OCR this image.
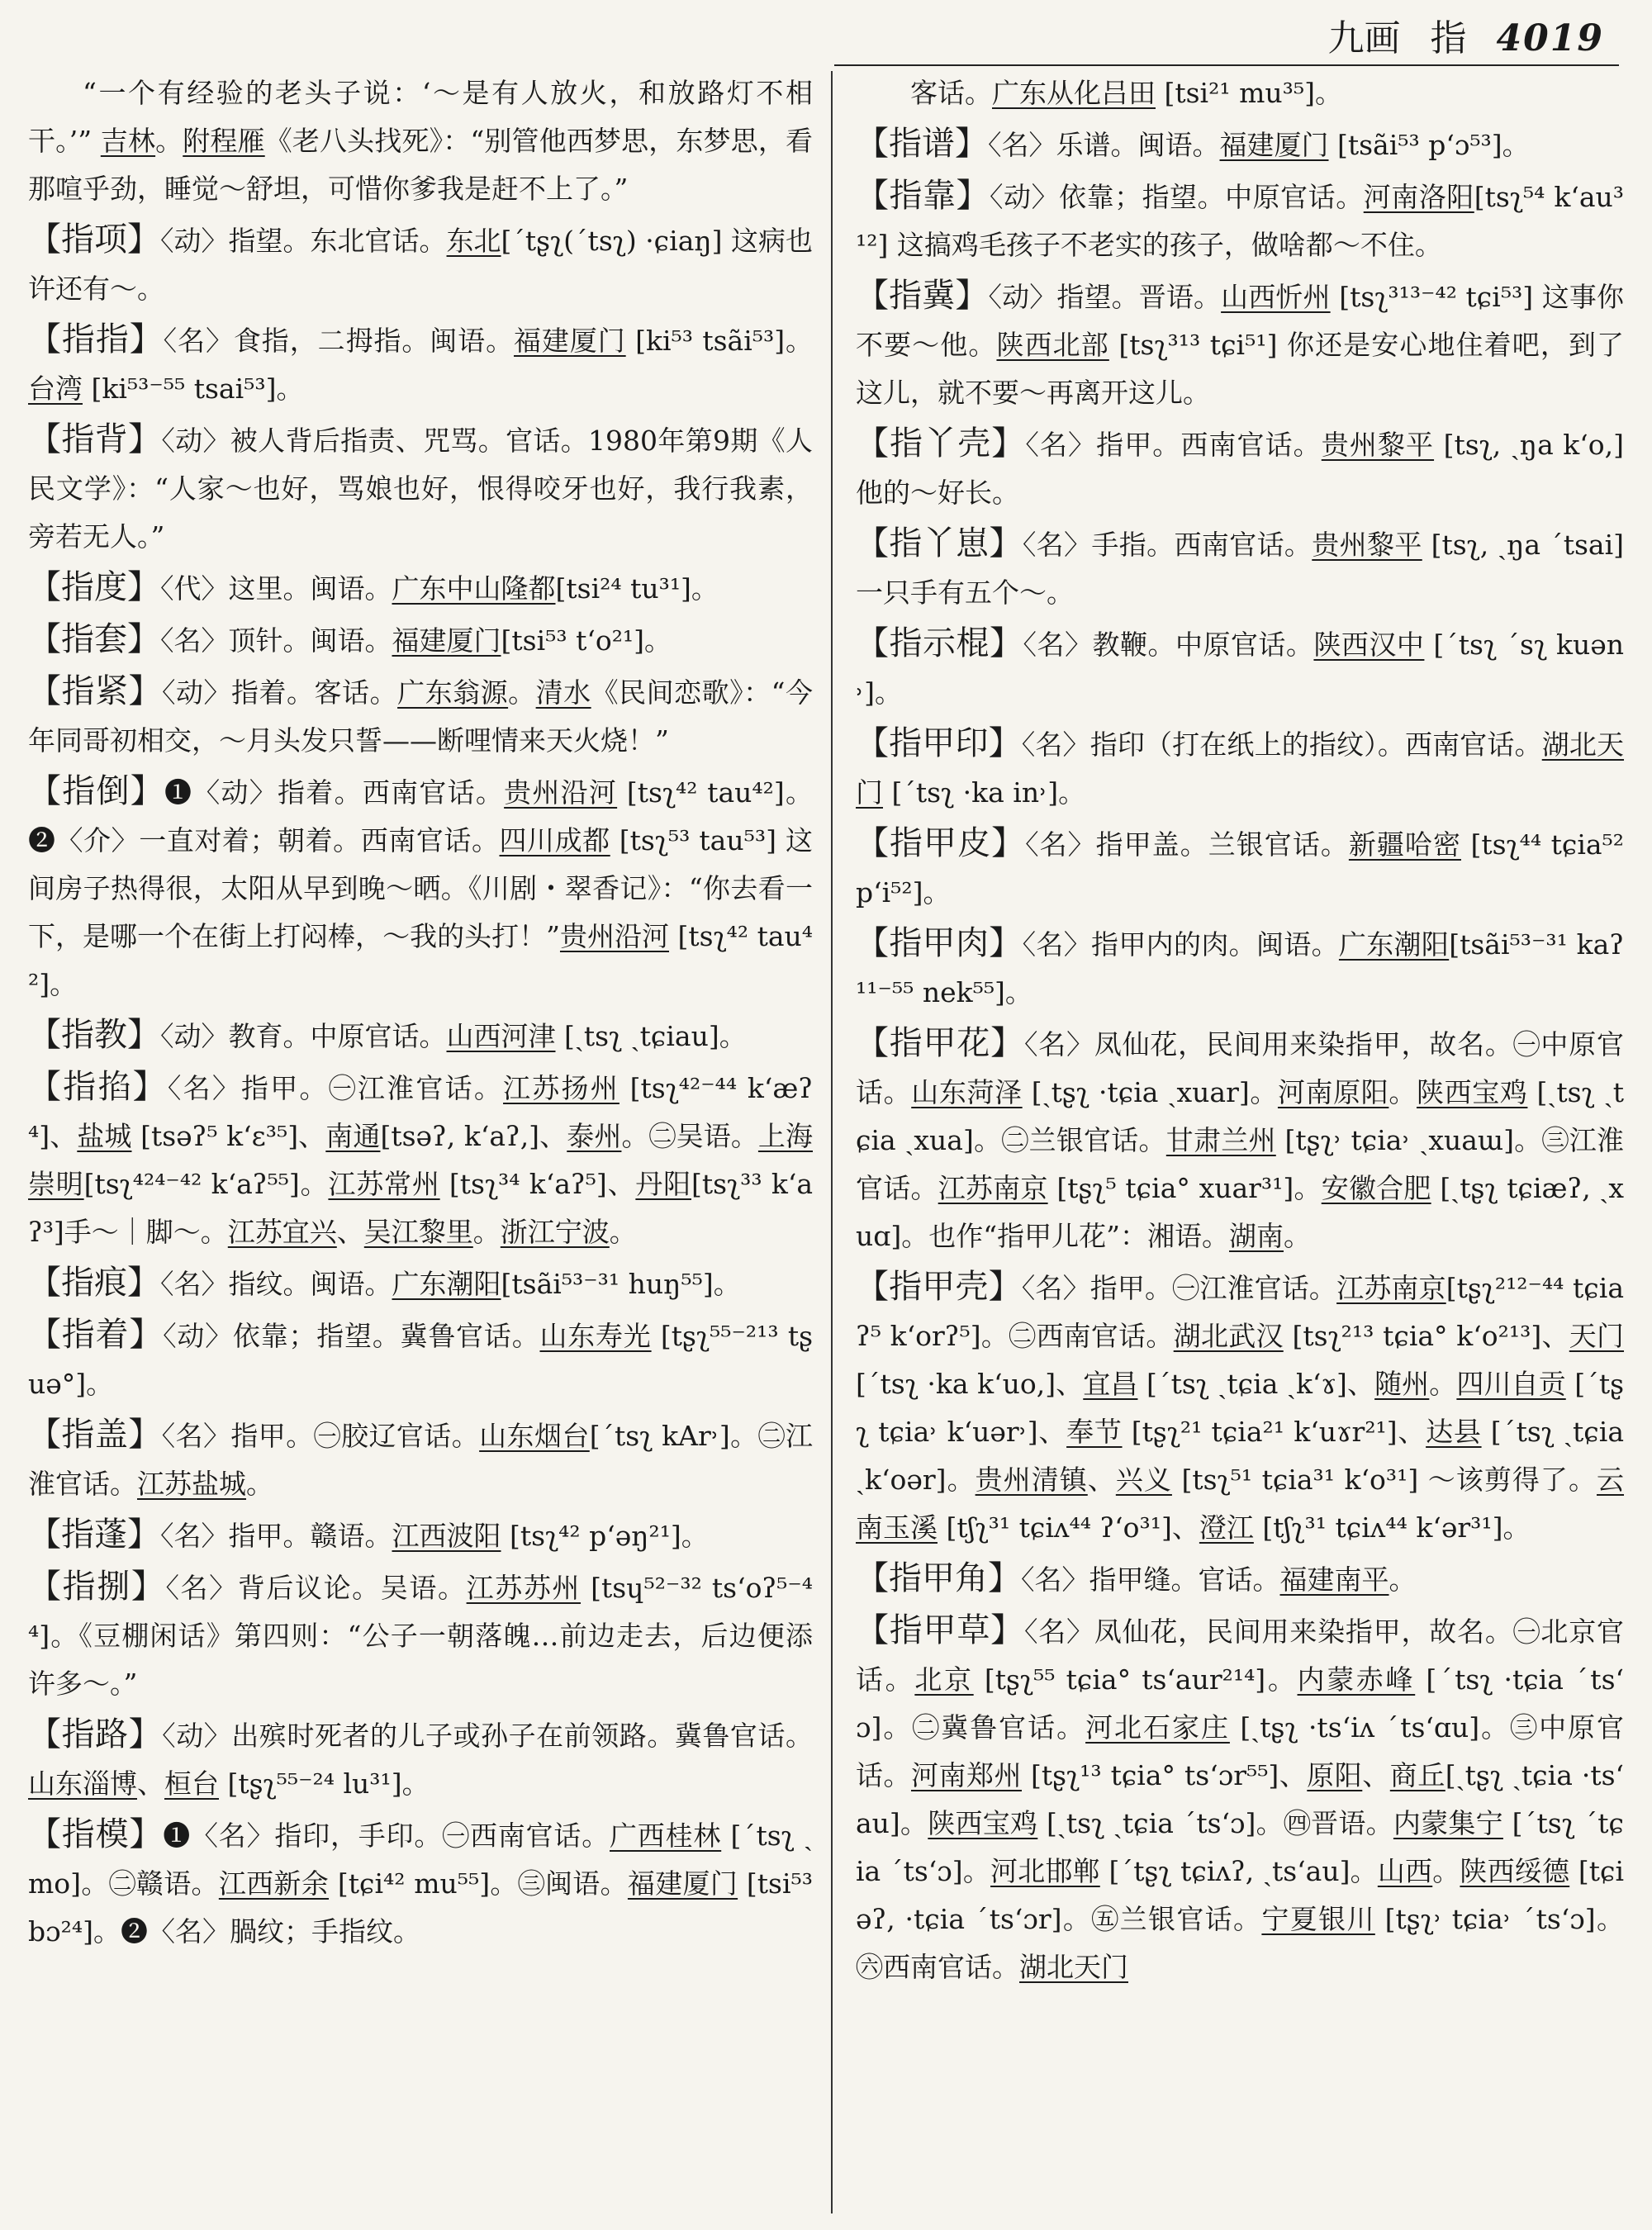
九画 指 4019

“一个有经验的老头子说：‘～是有人放火，和放路灯不相干。’” 吉林。附程雁《老八头找死》：“别管他西梦思，东梦思，看那喧乎劲，睡觉～舒坦，可惜你爹我是赶不上了。”

【指项】〈动〉指望。东北官话。东北[ˊtʂʅ(ˊtsʅ) ·ɕiaŋ] 这病也许还有～。

【指指】〈名〉食指，二拇指。闽语。福建厦门 [ki⁵³ tsãi⁵³]。台湾 [ki⁵³⁻⁵⁵ tsai⁵³]。

【指背】〈动〉被人背后指责、咒骂。官话。1980年第9期《人民文学》：“人家～也好，骂娘也好，恨得咬牙也好，我行我素，旁若无人。”

【指度】〈代〉这里。闽语。广东中山隆都[tsi²⁴ tu³¹]。

【指套】〈名〉顶针。闽语。福建厦门[tsi⁵³ tʻo²¹]。

【指紧】〈动〉指着。客话。广东翁源。清水《民间恋歌》：“今年同哥初相交，～月头发只誓——断哩情来天火烧！”

【指倒】❶〈动〉指着。西南官话。贵州沿河 [tsʅ⁴² tau⁴²]。❷〈介〉一直对着；朝着。西南官话。四川成都 [tsʅ⁵³ tau⁵³] 这间房子热得很，太阳从早到晚～晒。《川剧・翠香记》：“你去看一下，是哪一个在街上打闷棒，～我的头打！”贵州沿河 [tsʅ⁴² tau⁴²]。

【指教】〈动〉教育。中原官话。山西河津 [ˏtsʅ ˏtɕiau]。

【指掐】〈名〉指甲。㊀江淮官话。江苏扬州 [tsʅ⁴²⁻⁴⁴ kʻæʔ⁴]、盐城 [tsəʔ⁵ kʻɛ³⁵]、南通[tsəʔ, kʻaʔ,]、泰州。㊁吴语。上海崇明[tsʅ⁴²⁴⁻⁴² kʻaʔ⁵⁵]。江苏常州 [tsʅ³⁴ kʻaʔ⁵]、丹阳[tsʅ³³ kʻaʔ³]手～｜脚～。江苏宜兴、吴江黎里。浙江宁波。

【指痕】〈名〉指纹。闽语。广东潮阳[tsãi⁵³⁻³¹ huŋ⁵⁵]。

【指着】〈动〉依靠；指望。冀鲁官话。山东寿光 [tʂʅ⁵⁵⁻²¹³ tʂuə°]。

【指盖】〈名〉指甲。㊀胶辽官话。山东烟台[ˊtsʅ kAr˒]。㊁江淮官话。江苏盐城。

【指蓬】〈名〉指甲。赣语。江西波阳 [tsʅ⁴² pʻəŋ²¹]。

【指捌】〈名〉背后议论。吴语。江苏苏州 [tsɥ⁵²⁻³² tsʻoʔ⁵⁻⁴⁴]。《豆棚闲话》第四则：“公子一朝落魄…前边走去，后边便添许多～。”

【指路】〈动〉出殡时死者的儿子或孙子在前领路。冀鲁官话。山东淄博、桓台 [tʂʅ⁵⁵⁻²⁴ lu³¹]。

【指模】❶〈名〉指印，手印。㊀西南官话。广西桂林 [ˊtsʅ ˏmo]。㊁赣语。江西新余 [tɕi⁴² mu⁵⁵]。㊂闽语。福建厦门 [tsi⁵³ bɔ²⁴]。❷〈名〉腡纹；手指纹。

客话。广东从化吕田 [tsi²¹ mu³⁵]。

【指谱】〈名〉乐谱。闽语。福建厦门 [tsãi⁵³ pʻɔ⁵³]。

【指靠】〈动〉依靠；指望。中原官话。河南洛阳[tsʅ⁵⁴ kʻau³¹²] 这搞鸡毛孩子不老实的孩子，做啥都～不住。

【指冀】〈动〉指望。晋语。山西忻州 [tsʅ³¹³⁻⁴² tɕi⁵³] 这事你不要～他。陕西北部 [tsʅ³¹³ tɕi⁵¹] 你还是安心地住着吧，到了这儿，就不要～再离开这儿。

【指丫壳】〈名〉指甲。西南官话。贵州黎平 [tsʅ, ˏŋa kʻo,] 他的～好长。

【指丫崽】〈名〉手指。西南官话。贵州黎平 [tsʅ, ˏŋa ˊtsai] 一只手有五个～。

【指示棍】〈名〉教鞭。中原官话。陕西汉中 [ˊtsʅ ˊsʅ kuən˒]。

【指甲印】〈名〉指印（打在纸上的指纹）。西南官话。湖北天门 [ˊtsʅ ·ka in˒]。

【指甲皮】〈名〉指甲盖。兰银官话。新疆哈密 [tsʅ⁴⁴ tɕia⁵² pʻi⁵²]。

【指甲肉】〈名〉指甲内的肉。闽语。广东潮阳[tsãi⁵³⁻³¹ kaʔ¹¹⁻⁵⁵ nek⁵⁵]。

【指甲花】〈名〉凤仙花，民间用来染指甲，故名。㊀中原官话。山东菏泽 [ˏtʂʅ ·tɕia ˏxuar]。河南原阳。陕西宝鸡 [ˏtsʅ ˏtɕia ˏxua]。㊁兰银官话。甘肃兰州 [tʂʅ˒ tɕia˒ ˏxuaɯ]。㊂江淮官话。江苏南京 [tʂʅ⁵ tɕia° xuar³¹]。安徽合肥 [ˏtʂʅ tɕiæʔ, ˏxuɑ]。也作“指甲儿花”：湘语。湖南。

【指甲壳】〈名〉指甲。㊀江淮官话。江苏南京[tʂʅ²¹²⁻⁴⁴ tɕiaʔ⁵ kʻorʔ⁵]。㊁西南官话。湖北武汉 [tsʅ²¹³ tɕia° kʻo²¹³]、天门 [ˊtsʅ ·ka kʻuo,]、宜昌 [ˊtsʅ ˏtɕia ˏkʻɤ]、随州。四川自贡 [ˊtʂʅ tɕia˒ kʻuər˒]、奉节 [tʂʅ²¹ tɕia²¹ kʻuɤr²¹]、达县 [ˊtsʅ ˏtɕia ˏkʻoər]。贵州清镇、兴义 [tsʅ⁵¹ tɕia³¹ kʻo³¹] ～该剪得了。云南玉溪 [tʃʅ³¹ tɕiʌ⁴⁴ ʔʻo³¹]、澄江 [tʃʅ³¹ tɕiʌ⁴⁴ kʻər³¹]。

【指甲角】〈名〉指甲缝。官话。福建南平。

【指甲草】〈名〉凤仙花，民间用来染指甲，故名。㊀北京官话。北京 [tʂʅ⁵⁵ tɕia° tsʻaur²¹⁴]。内蒙赤峰 [ˊtsʅ ·tɕia ˊtsʻɔ]。㊁冀鲁官话。河北石家庄 [ˏtʂʅ ·tsʻiʌ ˊtsʻɑu]。㊂中原官话。河南郑州 [tʂʅ¹³ tɕia° tsʻɔr⁵⁵]、原阳、商丘[ˏtʂʅ ˏtɕia ·tsʻau]。陕西宝鸡 [ˏtsʅ ˏtɕia ˊtsʻɔ]。㊃晋语。内蒙集宁 [ˊtsʅ ˊtɕia ˊtsʻɔ]。河北邯郸 [ˊtʂʅ tɕiʌʔ, ˏtsʻau]。山西。陕西绥德 [tɕiəʔ, ·tɕia ˊtsʻɔr]。㊄兰银官话。宁夏银川 [tʂʅ˒ tɕia˒ ˊtsʻɔ]。㊅西南官话。湖北天门
